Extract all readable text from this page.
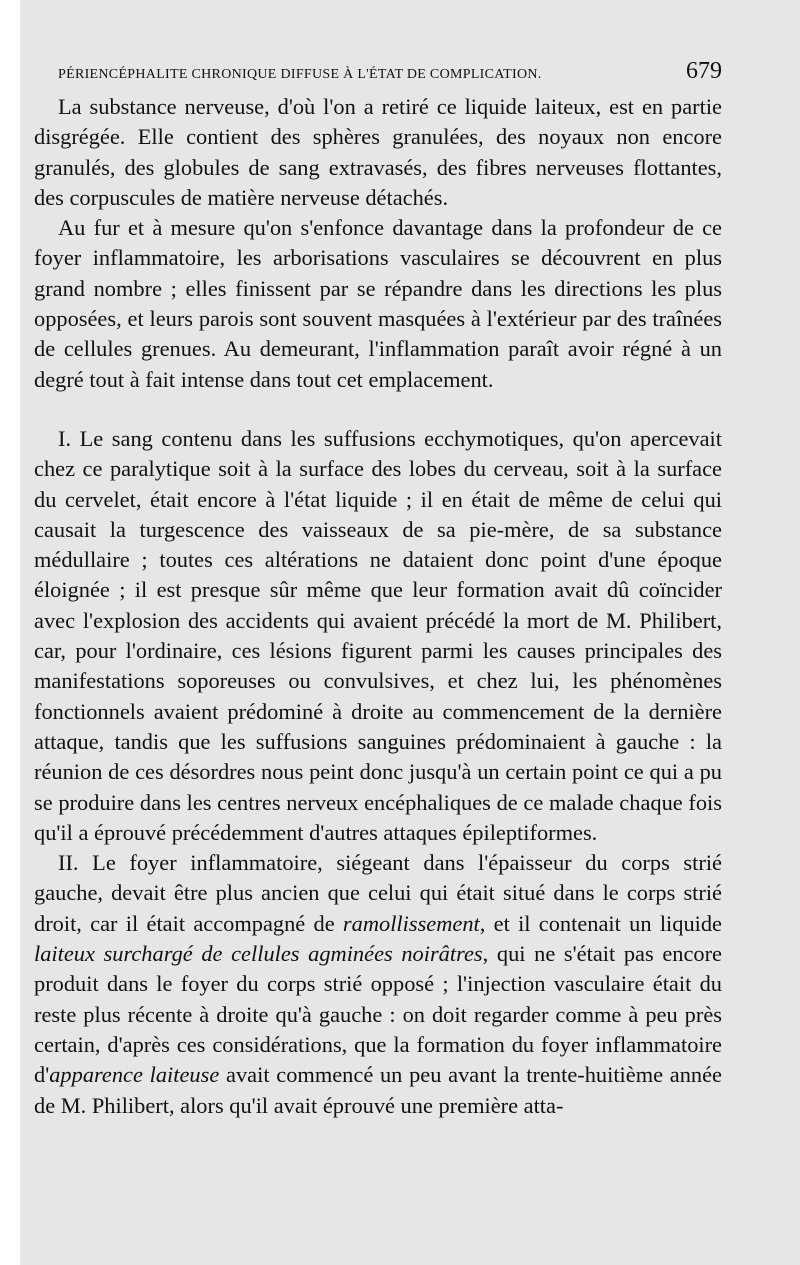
PÉRIENCÉPHALITE CHRONIQUE DIFFUSE À L'ÉTAT DE COMPLICATION.	679

La substance nerveuse, d'où l'on a retiré ce liquide laiteux, est en partie disgrégée. Elle contient des sphères granulées, des noyaux non encore granulés, des globules de sang extravasés, des fibres nerveuses flottantes, des corpuscules de matière nerveuse détachés.

Au fur et à mesure qu'on s'enfonce davantage dans la profondeur de ce foyer inflammatoire, les arborisations vasculaires se découvrent en plus grand nombre ; elles finissent par se répandre dans les directions les plus opposées, et leurs parois sont souvent masquées à l'extérieur par des traînées de cellules grenues. Au demeurant, l'inflammation paraît avoir régné à un degré tout à fait intense dans tout cet emplacement.

I. Le sang contenu dans les suffusions ecchymotiques, qu'on apercevait chez ce paralytique soit à la surface des lobes du cerveau, soit à la surface du cervelet, était encore à l'état liquide ; il en était de même de celui qui causait la turgescence des vaisseaux de sa pie-mère, de sa substance médullaire ; toutes ces altérations ne dataient donc point d'une époque éloignée ; il est presque sûr même que leur formation avait dû coïncider avec l'explosion des accidents qui avaient précédé la mort de M. Philibert, car, pour l'ordinaire, ces lésions figurent parmi les causes principales des manifestations soporeuses ou convulsives, et chez lui, les phénomènes fonctionnels avaient prédominé à droite au commencement de la dernière attaque, tandis que les suffusions sanguines prédominaient à gauche : la réunion de ces désordres nous peint donc jusqu'à un certain point ce qui a pu se produire dans les centres nerveux encéphaliques de ce malade chaque fois qu'il a éprouvé précédemment d'autres attaques épileptiformes.

II. Le foyer inflammatoire, siégeant dans l'épaisseur du corps strié gauche, devait être plus ancien que celui qui était situé dans le corps strié droit, car il était accompagné de ramollissement, et il contenait un liquide laiteux surchargé de cellules agminées noirâtres, qui ne s'était pas encore produit dans le foyer du corps strié opposé ; l'injection vasculaire était du reste plus récente à droite qu'à gauche : on doit regarder comme à peu près certain, d'après ces considérations, que la formation du foyer inflammatoire d'apparence laiteuse avait commencé un peu avant la trente-huitième année de M. Philibert, alors qu'il avait éprouvé une première atta-
